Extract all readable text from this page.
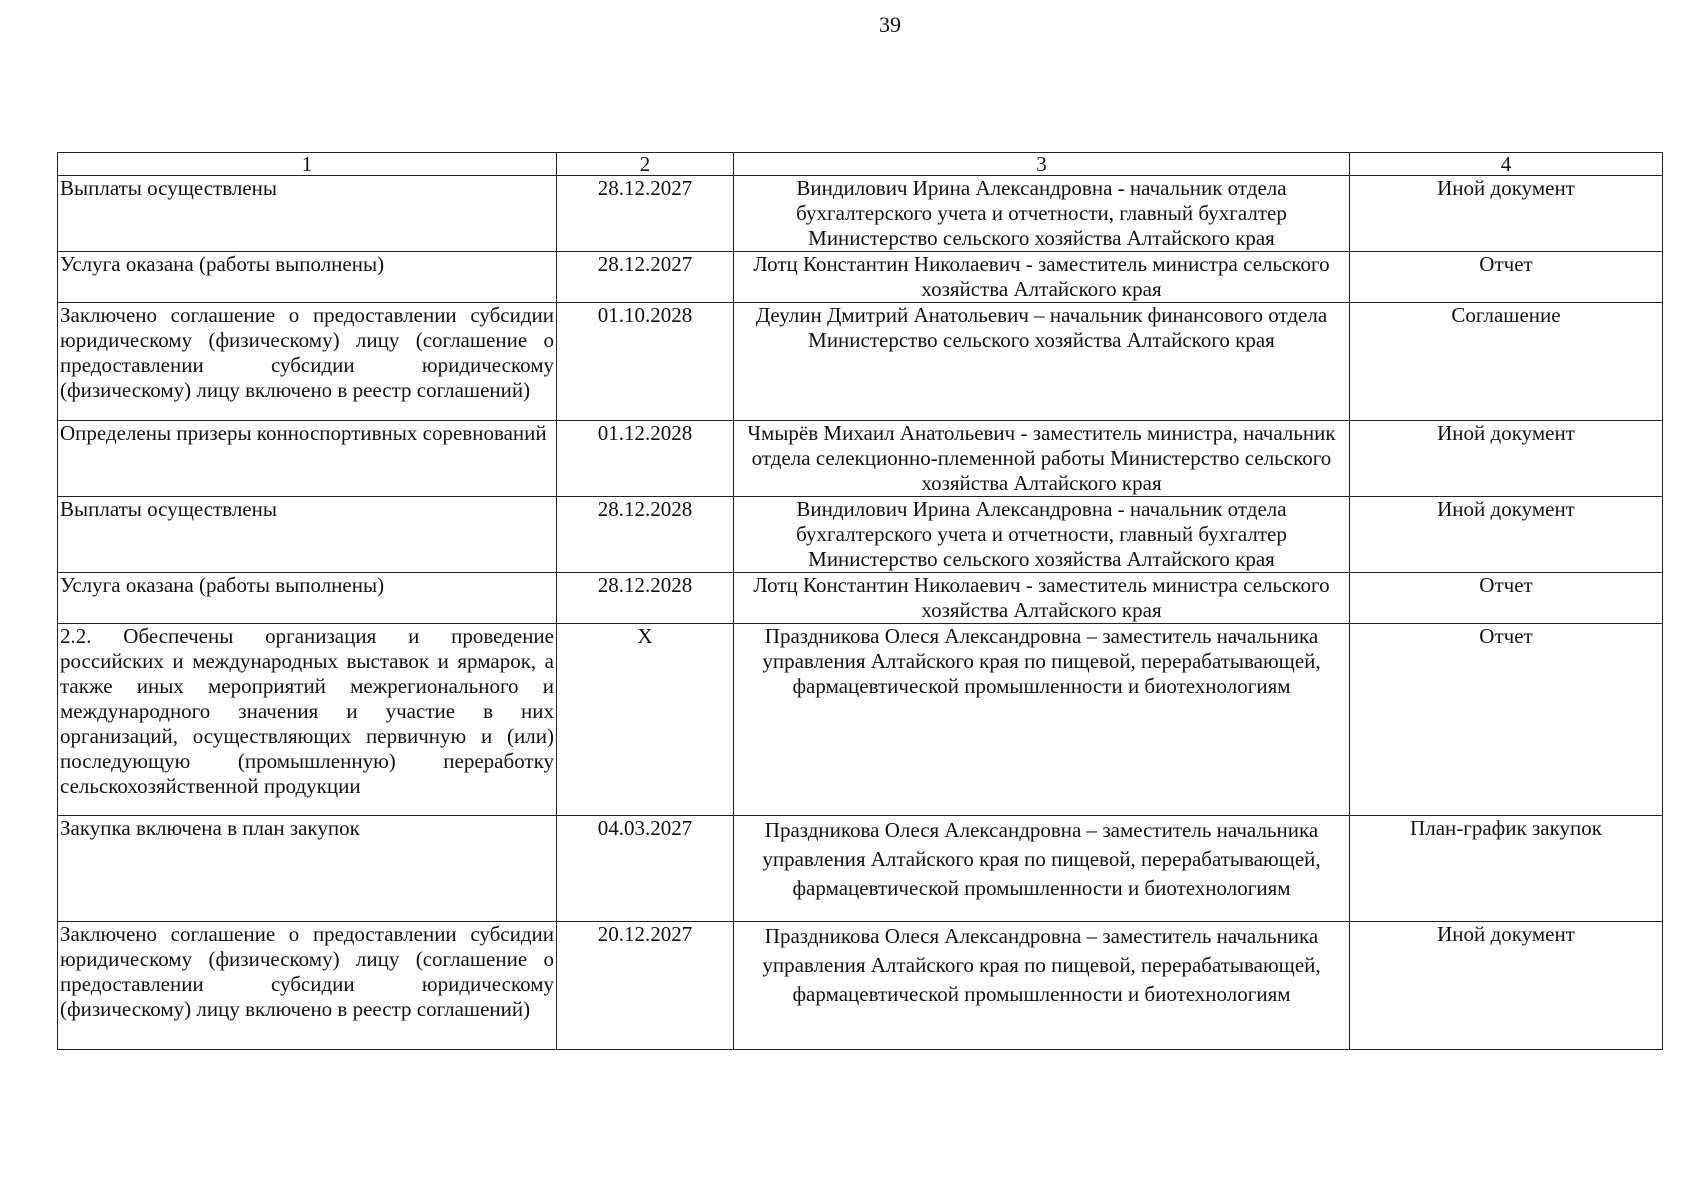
39
1	2	3	4
Выплаты осуществлены	28.12.2027	Виндилович Ирина Александровна - начальник отдела бухгалтерского учета и отчетности, главный бухгалтер Министерство сельского хозяйства Алтайского края	Иной документ
Услуга оказана (работы выполнены)	28.12.2027	Лотц Константин Николаевич - заместитель министра сельского хозяйства Алтайского края	Отчет
Заключено соглашение о предоставлении субсидии юридическому (физическому) лицу (соглашение о предоставлении субсидии юридическому (физическому) лицу включено в реестр соглашений)	01.10.2028	Деулин Дмитрий Анатольевич – начальник финансового отдела Министерство сельского хозяйства Алтайского края	Соглашение
Определены призеры конноспортивных соревнований	01.12.2028	Чмырёв Михаил Анатольевич - заместитель министра, начальник отдела селекционно-племенной работы Министерство сельского хозяйства Алтайского края	Иной документ
Выплаты осуществлены	28.12.2028	Виндилович Ирина Александровна - начальник отдела бухгалтерского учета и отчетности, главный бухгалтер Министерство сельского хозяйства Алтайского края	Иной документ
Услуга оказана (работы выполнены)	28.12.2028	Лотц Константин Николаевич - заместитель министра сельского хозяйства Алтайского края	Отчет
2.2. Обеспечены организация и проведение российских и международных выставок и ярмарок, а также иных мероприятий межрегионального и международного значения и участие в них организаций, осуществляющих первичную и (или) последующую (промышленную) переработку сельскохозяйственной продукции	X	Праздникова Олеся Александровна – заместитель начальника управления Алтайского края по пищевой, перерабатывающей, фармацевтической промышленности и биотехнологиям	Отчет
Закупка включена в план закупок	04.03.2027	Праздникова Олеся Александровна – заместитель начальника управления Алтайского края по пищевой, перерабатывающей, фармацевтической промышленности и биотехнологиям	План-график закупок
Заключено соглашение о предоставлении субсидии юридическому (физическому) лицу (соглашение о предоставлении субсидии юридическому (физическому) лицу включено в реестр соглашений)	20.12.2027	Праздникова Олеся Александровна – заместитель начальника управления Алтайского края по пищевой, перерабатывающей, фармацевтической промышленности и биотехнологиям	Иной документ
